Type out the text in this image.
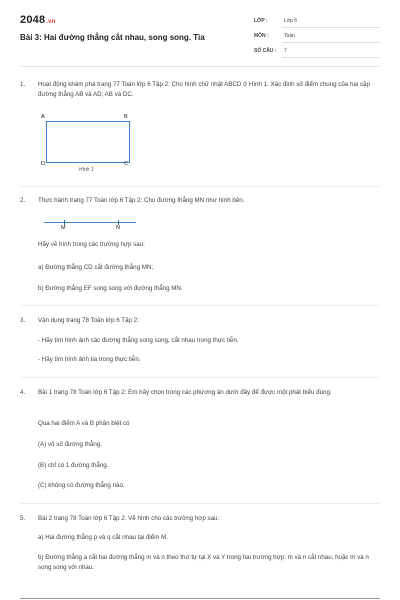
2048.vn
Bài 3: Hai đường thẳng cắt nhau, song song. Tia
LỚP :	Lớp 6
MÔN :	Toán
SỐ CÂU : 7
1. Hoạt động khám phá trang 77 Toán lớp 6 Tập 2: Cho hình chữ nhật ABCD ở Hình 1. Xác định số điểm chung của hai cặp đường thẳng AB và AD; AB và DC.
A	B
D	C
Hình 1
2. Thực hành trang 77 Toán lớp 6 Tập 2: Cho đường thẳng MN như hình bên.
M	N
Hãy vẽ hình trong các trường hợp sau:
a) Đường thẳng CD cắt đường thẳng MN;
b) Đường thẳng EF song song với đường thẳng MN.
3. Vận dụng trang 78 Toán lớp 6 Tập 2:
- Hãy tìm hình ảnh các đường thẳng song song, cắt nhau trong thực tiễn.
- Hãy tìm hình ảnh tia trong thực tiễn.
4. Bài 1 trang 78 Toán lớp 6 Tập 2: Em hãy chọn trong các phương án dưới đây để được một phát biểu đúng.
Qua hai điểm A và B phân biệt có
(A) vô số đường thẳng.
(B) chỉ có 1 đường thẳng.
(C) không có đường thẳng nào.
5. Bài 2 trang 78 Toán lớp 6 Tập 2: Vẽ hình cho các trường hợp sau:
a) Hai đường thẳng p và q cắt nhau tại điểm M.
b) Đường thẳng a cắt hai đường thẳng m và n theo thứ tự tại X và Y trong hai trường hợp: m và n cắt nhau, hoặc m và n song song với nhau.
